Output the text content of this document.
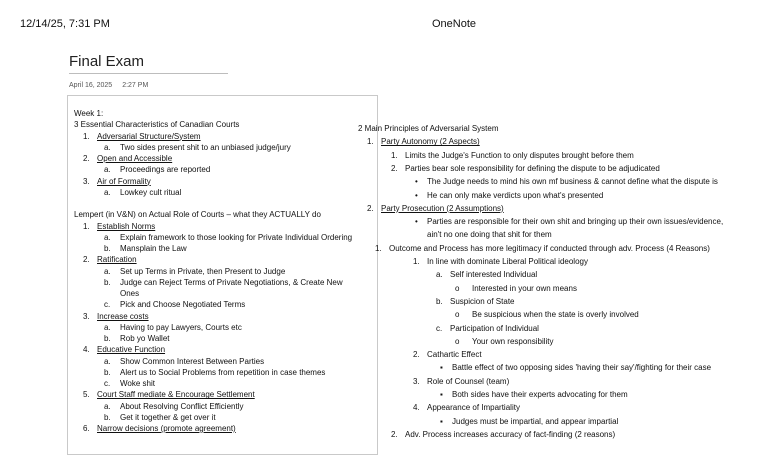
12/14/25, 7:31 PM	OneNote
Final Exam
April 16, 2025 2:27 PM
Week 1:
3 Essential Characteristics of Canadian Courts
1. Adversarial Structure/System
a. Two sides present shit to an unbiased judge/jury
2. Open and Accessible
a. Proceedings are reported
3. Air of Formality
a. Lowkey cult ritual
Lempert (in V&N) on Actual Role of Courts – what they ACTUALLY do
1. Establish Norms
a. Explain framework to those looking for Private Individual Ordering
b. Mansplain the Law
2. Ratification
a. Set up Terms in Private, then Present to Judge
b. Judge can Reject Terms of Private Negotiations, & Create New
Ones
c. Pick and Choose Negotiated Terms
3. Increase costs
a. Having to pay Lawyers, Courts etc
b. Rob yo Wallet
4. Educative Function
a. Show Common Interest Between Parties
b. Alert us to Social Problems from repetition in case themes
c. Woke shit
5. Court Staff mediate & Encourage Settlement
a. About Resolving Conflict Efficiently
b. Get it together & get over it
6. Narrow decisions (promote agreement)
2 Main Principles of Adversarial System
1. Party Autonomy (2 Aspects)
1. Limits the Judge's Function to only disputes brought before them
2. Parties bear sole responsibility for defining the dispute to be adjudicated
• The Judge needs to mind his own mf business & cannot define what the dispute is
• He can only make verdicts upon what's presented
2. Party Prosecution (2 Assumptions)
• Parties are responsible for their own shit and bringing up their own issues/evidence,
ain't no one doing that shit for them
1. Outcome and Process has more legitimacy if conducted through adv. Process (4 Reasons)
1. In line with dominate Liberal Political ideology
a. Self interested Individual
o Interested in your own means
b. Suspicion of State
o Be suspicious when the state is overly involved
c. Participation of Individual
o Your own responsibility
2. Cathartic Effect
▪ Battle effect of two opposing sides 'having their say'/fighting for their case
3. Role of Counsel (team)
▪ Both sides have their experts advocating for them
4. Appearance of Impartiality
▪ Judges must be impartial, and appear impartial
2. Adv. Process increases accuracy of fact-finding (2 reasons)
